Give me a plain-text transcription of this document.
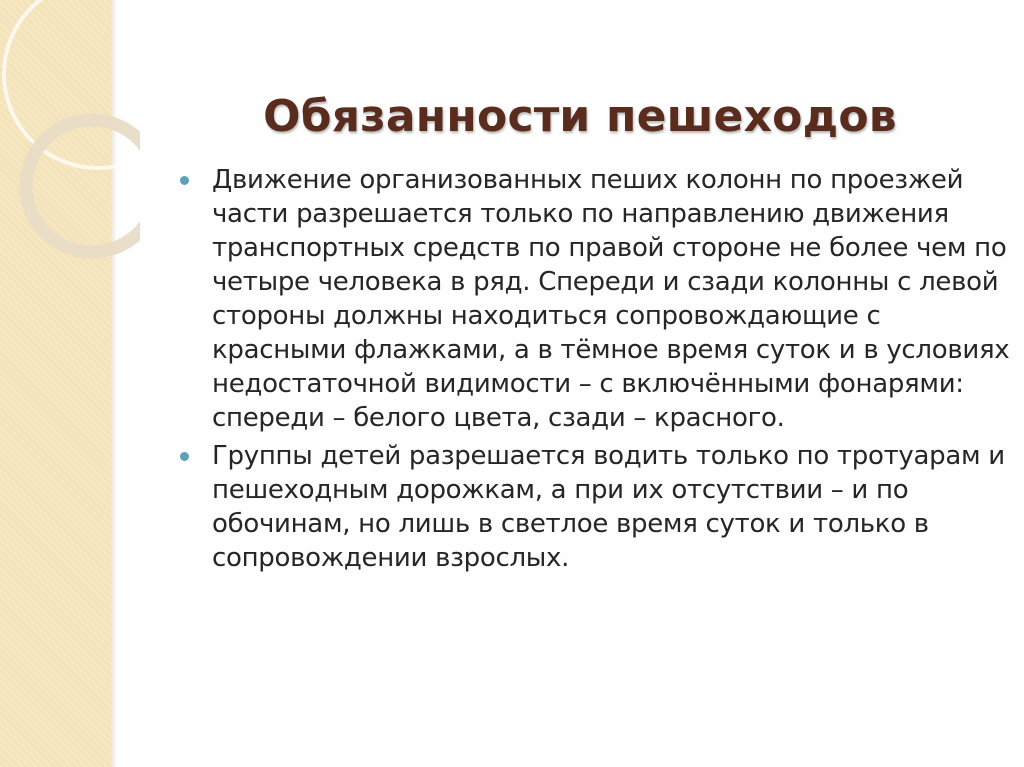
Обязанности пешеходов
Движение организованных пеших колонн по проезжей части разрешается только по направлению движения транспортных средств по правой стороне не более чем по четыре человека в ряд. Спереди и сзади колонны с левой стороны должны находиться сопровождающие с красными флажками, а в тёмное время суток и в условиях недостаточной видимости – с включёнными фонарями: спереди – белого цвета, сзади – красного.
Группы детей разрешается водить только по тротуарам и пешеходным дорожкам, а при их отсутствии – и по обочинам, но лишь в светлое время суток и только в сопровождении взрослых.
